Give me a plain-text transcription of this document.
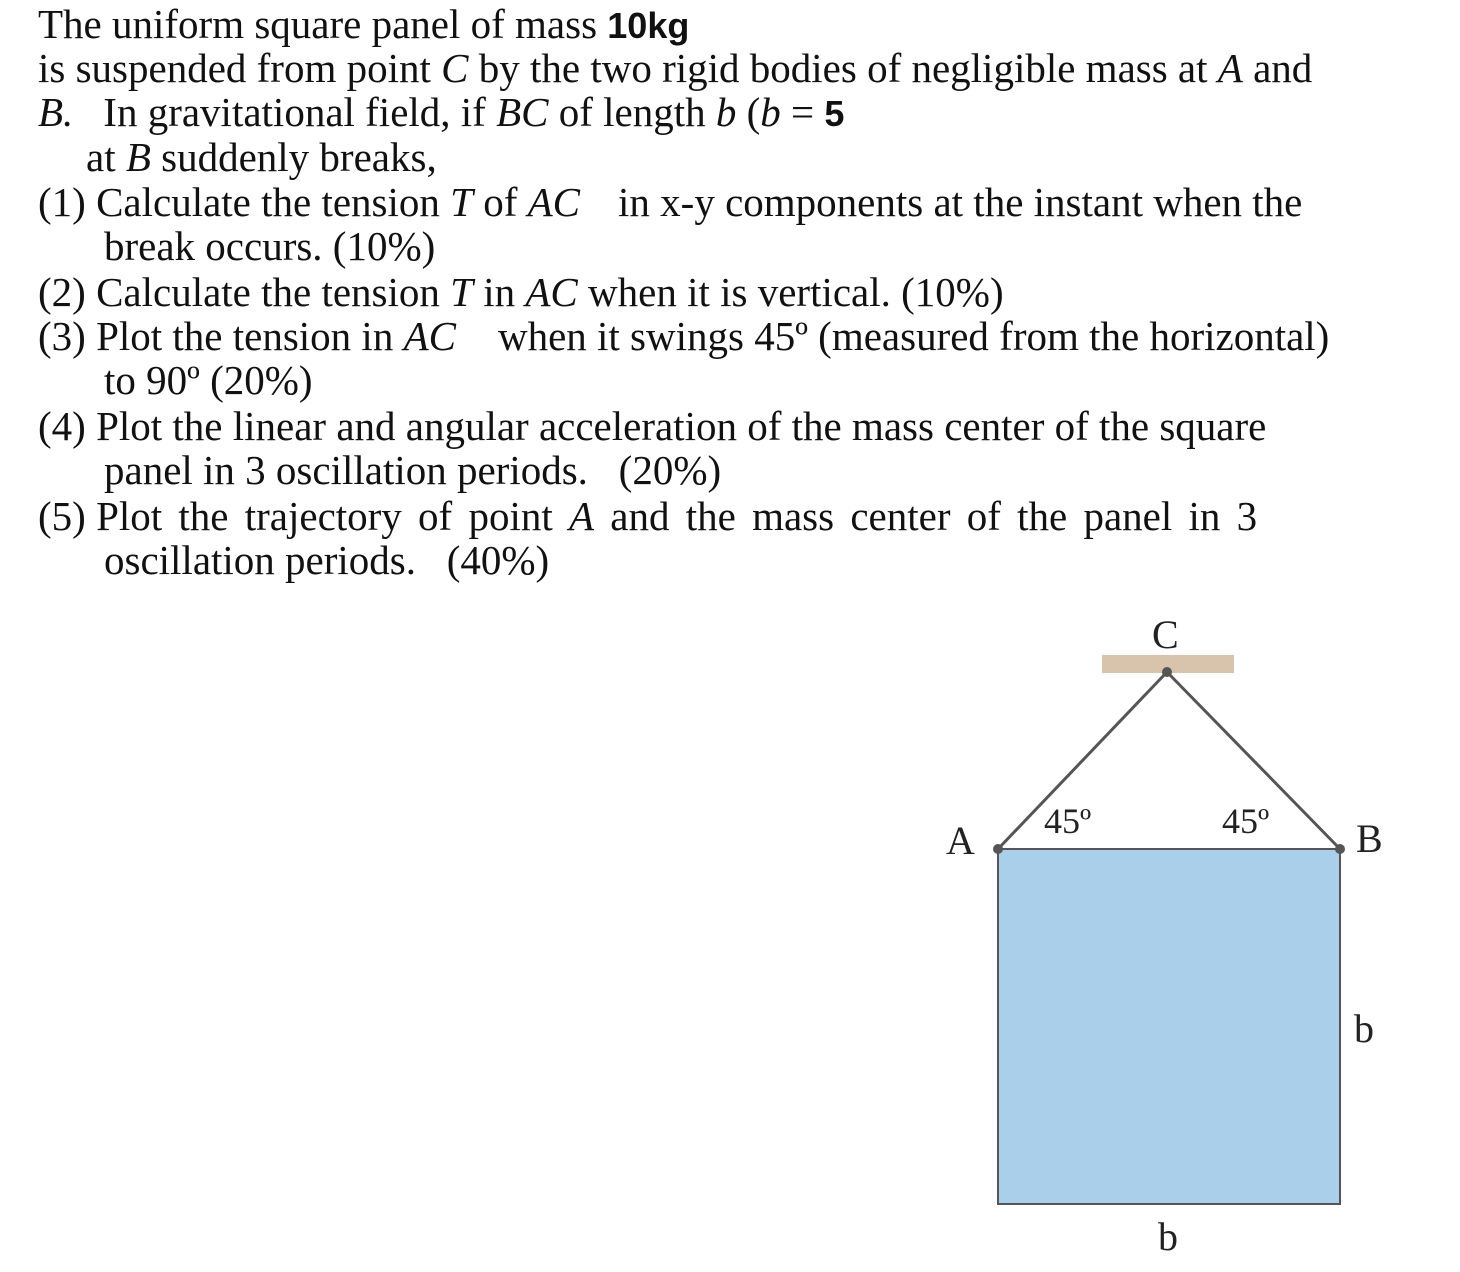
The uniform square panel of mass 10kg
is suspended from point C by the two rigid bodies of negligible mass at A and
B. In gravitational field, if BC of length b (b = 5
at B suddenly breaks,
(1) Calculate the tension T of AC in x-y components at the instant when the
break occurs. (10%)
(2) Calculate the tension T in AC when it is vertical. (10%)
(3) Plot the tension in AC when it swings 45º (measured from the horizontal)
to 90º (20%)
(4) Plot the linear and angular acceleration of the mass center of the square
panel in 3 oscillation periods.   (20%)
(5) Plot the trajectory of point A and the mass center of the panel in 3
oscillation periods.   (40%)
C
A	B
45º	45º
b
b
